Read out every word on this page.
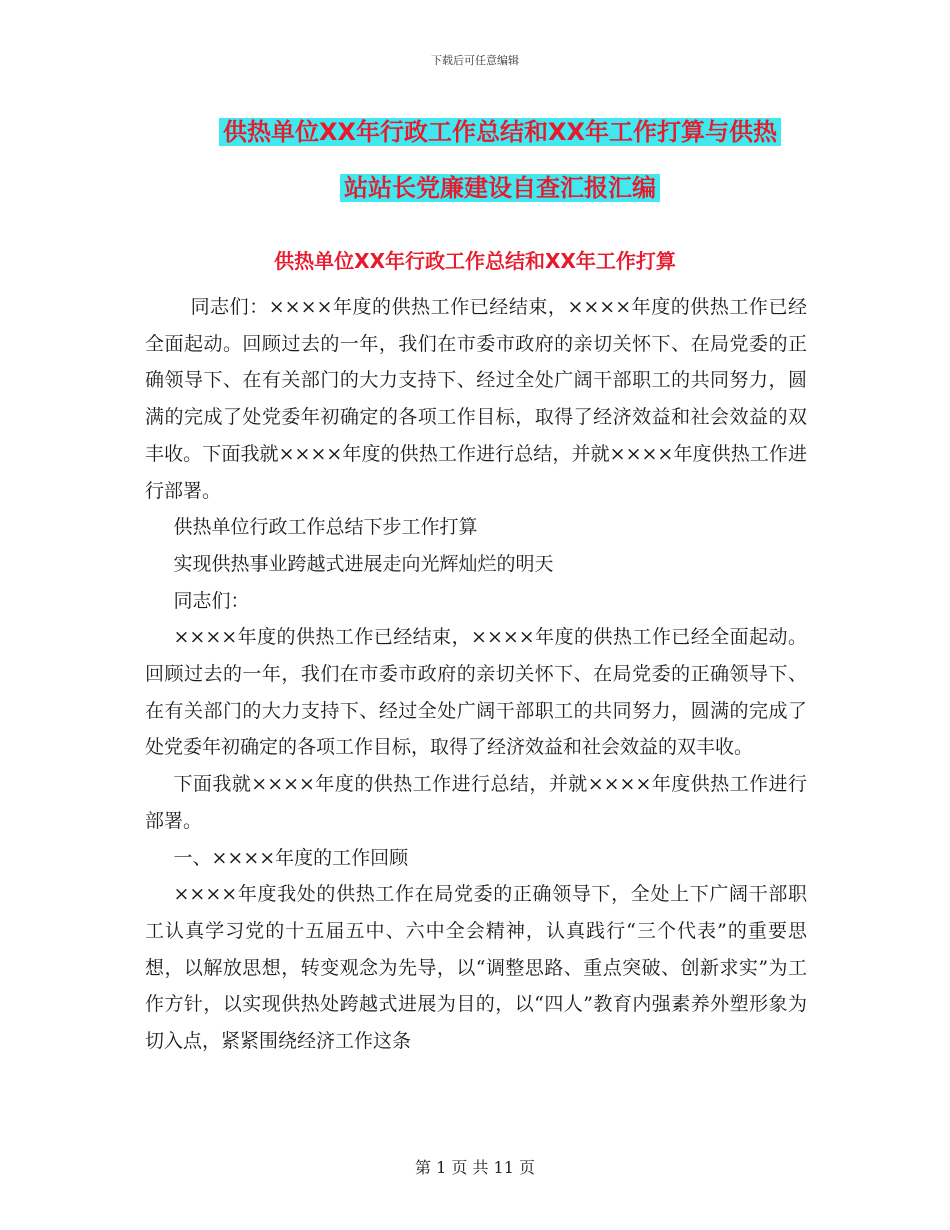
下载后可任意编辑
供热单位XX年行政工作总结和XX年工作打算与供热
站站长党廉建设自查汇报汇编
供热单位XX年行政工作总结和XX年工作打算

同志们：××××年度的供热工作已经结束，××××年度的供热工作已经全面起动。回顾过去的一年，我们在市委市政府的亲切关怀下、在局党委的正确领导下、在有关部门的大力支持下、经过全处广阔干部职工的共同努力，圆满的完成了处党委年初确定的各项工作目标，取得了经济效益和社会效益的双丰收。下面我就××××年度的供热工作进行总结，并就××××年度供热工作进行部署。

供热单位行政工作总结下步工作打算

实现供热事业跨越式进展走向光辉灿烂的明天

同志们：

××××年度的供热工作已经结束，××××年度的供热工作已经全面起动。回顾过去的一年，我们在市委市政府的亲切关怀下、在局党委的正确领导下、在有关部门的大力支持下、经过全处广阔干部职工的共同努力，圆满的完成了处党委年初确定的各项工作目标，取得了经济效益和社会效益的双丰收。

下面我就××××年度的供热工作进行总结，并就××××年度供热工作进行部署。

一、××××年度的工作回顾

××××年度我处的供热工作在局党委的正确领导下，全处上下广阔干部职工认真学习党的十五届五中、六中全会精神，认真践行“三个代表”的重要思想，以解放思想，转变观念为先导，以“调整思路、重点突破、创新求实”为工作方针，以实现供热处跨越式进展为目的，以“四人”教育内强素养外塑形象为切入点，紧紧围绕经济工作这条

第 1 页 共 11 页
